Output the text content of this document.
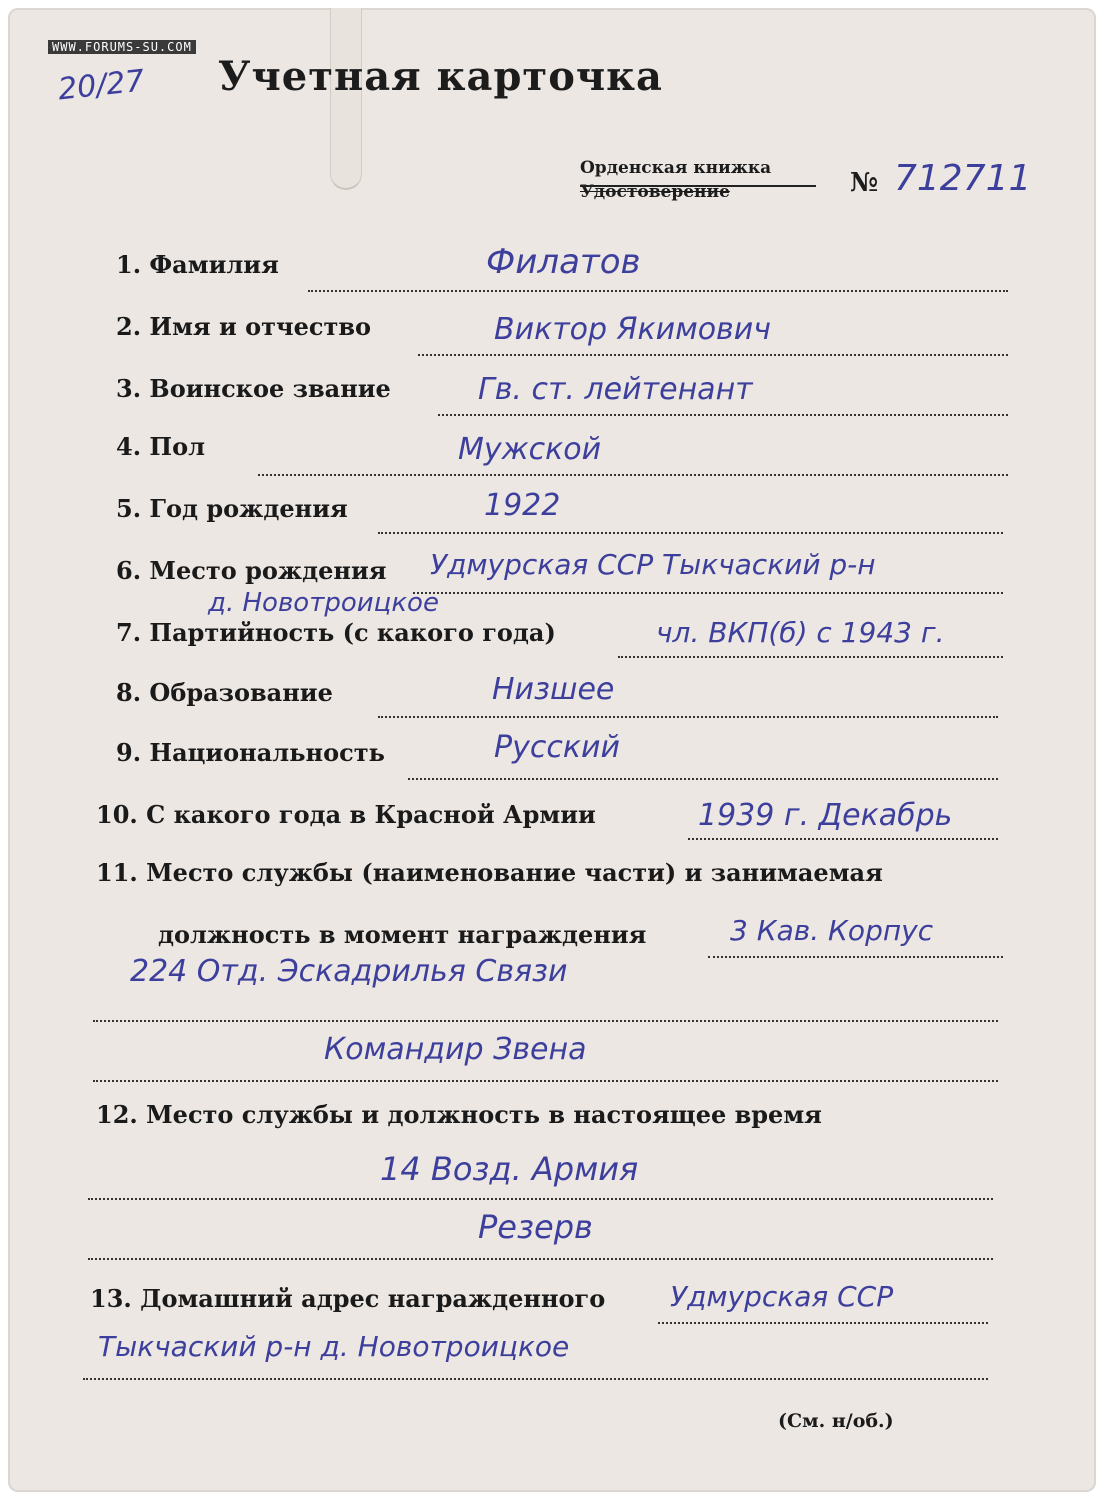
WWW.FORUMS-SU.COM
20/27 Учетная карточка
Орденская книжка
Удостоверение	№ 712711
1. Фамилия	Филатов
2. Имя и отчество	Виктор Якимович
3. Воинское звание	Гв. ст. лейтенант
4. Пол	Мужской
5. Год рождения	1922
6. Место рождения Удмурская ССР Тыкчаский р-н
д. Новотроицкое
7. Партийность (с какого года)	чл. ВКП(б) с 1943 г.
8. Образование	Низшее
9. Национальность	Русский
10. С какого года в Красной Армии	1939 г. Декабрь
11. Место службы (наименование части) и занимаемая
должность в момент награждения	3 Кав. Корпус
224 Отд. Эскадрилья Связи
Командир Звена
12. Место службы и должность в настоящее время
14 Возд. Армия
Резерв
13. Домашний адрес награжденного Удмурская ССР
Тыкчаский р-н д. Новотроицкое
(См. н/об.)
